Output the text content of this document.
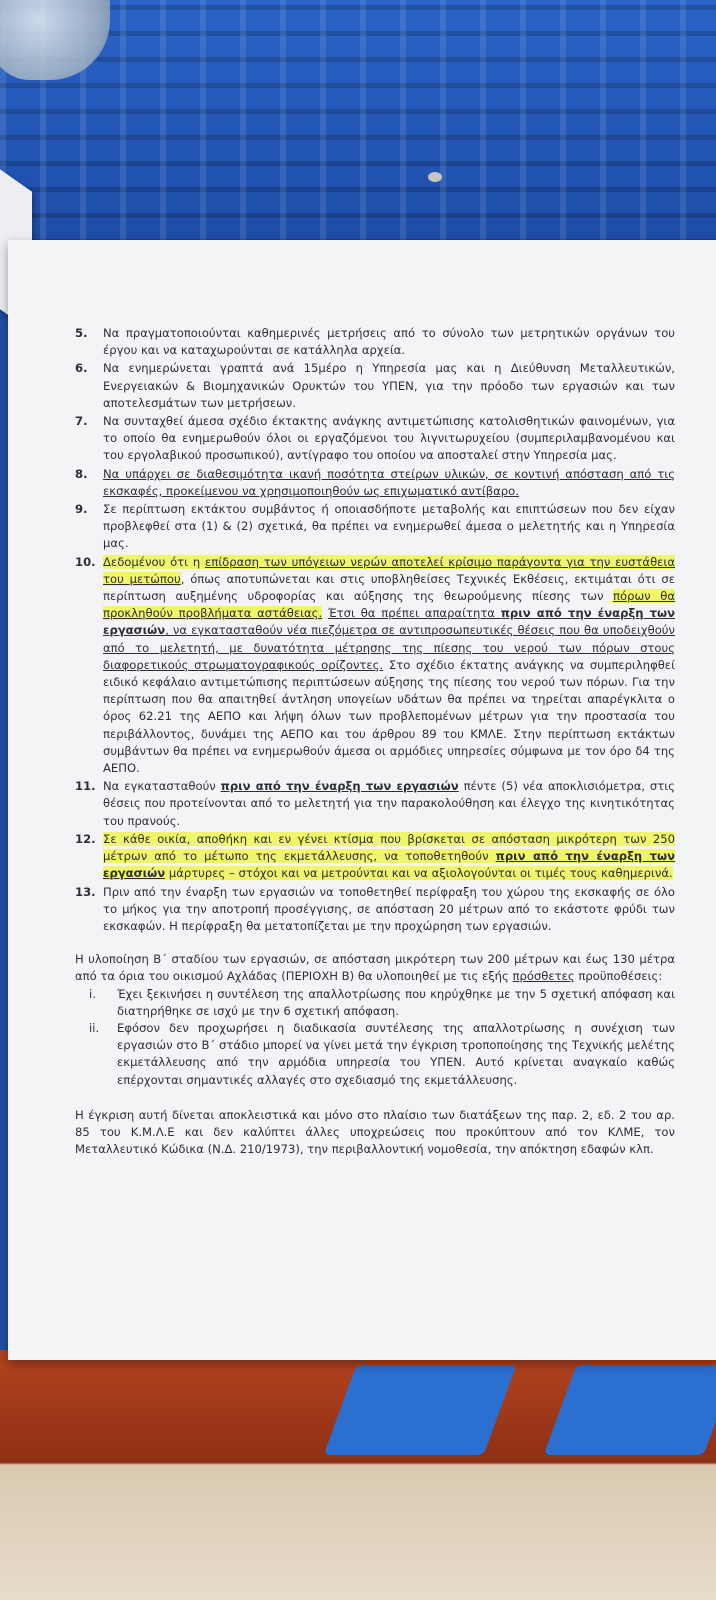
5.	Να πραγματοποιούνται καθημερινές μετρήσεις από το σύνολο των μετρητικών οργάνων του έργου και να καταχωρούνται σε κατάλληλα αρχεία.
6.	Να ενημερώνεται γραπτά ανά 15μέρο η Υπηρεσία μας και η Διεύθυνση Μεταλλευτικών, Ενεργειακών & Βιομηχανικών Ορυκτών του ΥΠΕΝ, για την πρόοδο των εργασιών και των αποτελεσμάτων των μετρήσεων.
7.	Να συνταχθεί άμεσα σχέδιο έκτακτης ανάγκης αντιμετώπισης κατολισθητικών φαινομένων, για το οποίο θα ενημερωθούν όλοι οι εργαζόμενοι του λιγνιτωρυχείου (συμπεριλαμβανομένου και του εργολαβικού προσωπικού), αντίγραφο του οποίου να αποσταλεί στην Υπηρεσία μας.
8.	Να υπάρχει σε διαθεσιμότητα ικανή ποσότητα στείρων υλικών, σε κοντινή απόσταση από τις εκσκαφές, προκείμενου να χρησιμοποιηθούν ως επιχωματικό αντίβαρο.
9.	Σε περίπτωση εκτάκτου συμβάντος ή οποιασδήποτε μεταβολής και επιπτώσεων που δεν είχαν προβλεφθεί στα (1) & (2) σχετικά, θα πρέπει να ενημερωθεί άμεσα ο μελετητής και η Υπηρεσία μας.
10. Δεδομένου ότι η επίδραση των υπόγειων νερών αποτελεί κρίσιμο παράγοντα για την ευστάθεια του μετώπου, όπως αποτυπώνεται και στις υποβληθείσες Τεχνικές Εκθέσεις, εκτιμάται ότι σε περίπτωση αυξημένης υδροφορίας και αύξησης της θεωρούμενης πίεσης των πόρων θα προκληθούν προβλήματα αστάθειας. Έτσι θα πρέπει απαραίτητα πριν από την έναρξη των εργασιών, να εγκατασταθούν νέα πιεζόμετρα σε αντιπροσωπευτικές θέσεις που θα υποδειχθούν από το μελετητή, με δυνατότητα μέτρησης της πίεσης του νερού των πόρων στους διαφορετικούς στρωματογραφικούς ορίζοντες. Στο σχέδιο έκτατης ανάγκης να συμπεριληφθεί ειδικό κεφάλαιο αντιμετώπισης περιπτώσεων αύξησης της πίεσης του νερού των πόρων. Για την περίπτωση που θα απαιτηθεί άντληση υπογείων υδάτων θα πρέπει να τηρείται απαρέγκλιτα ο όρος 62.21 της ΑΕΠΟ και λήψη όλων των προβλεπομένων μέτρων για την προστασία του περιβάλλοντος, δυνάμει της ΑΕΠΟ και του άρθρου 89 του ΚΜΛΕ. Στην περίπτωση εκτάκτων συμβάντων θα πρέπει να ενημερωθούν άμεσα οι αρμόδιες υπηρεσίες σύμφωνα με τον όρο δ4 της ΑΕΠΟ.
11. Να εγκατασταθούν πριν από την έναρξη των εργασιών πέντε (5) νέα αποκλισιόμετρα, στις θέσεις που προτείνονται από το μελετητή για την παρακολούθηση και έλεγχο της κινητικότητας του πρανούς.
12. Σε κάθε οικία, αποθήκη και εν γένει κτίσμα που βρίσκεται σε απόσταση μικρότερη των 250 μέτρων από το μέτωπο της εκμετάλλευσης, να τοποθετηθούν πριν από την έναρξη των εργασιών μάρτυρες – στόχοι και να μετρούνται και να αξιολογούνται οι τιμές τους καθημερινά.
13. Πριν από την έναρξη των εργασιών να τοποθετηθεί περίφραξη του χώρου της εκσκαφής σε όλο το μήκος για την αποτροπή προσέγγισης, σε απόσταση 20 μέτρων από το εκάστοτε φρύδι των εκσκαφών. Η περίφραξη θα μετατοπίζεται με την προχώρηση των εργασιών.
Η υλοποίηση Β΄ σταδίου των εργασιών, σε απόσταση μικρότερη των 200 μέτρων και έως 130 μέτρα από τα όρια του οικισμού Αχλάδας (ΠΕΡΙΟΧΗ Β) θα υλοποιηθεί με τις εξής πρόσθετες προϋποθέσεις:
i.	Έχει ξεκινήσει η συντέλεση της απαλλοτρίωσης που κηρύχθηκε με την 5 σχετική απόφαση και διατηρήθηκε σε ισχύ με την 6 σχετική απόφαση.
ii.	Εφόσον δεν προχωρήσει η διαδικασία συντέλεσης της απαλλοτρίωσης η συνέχιση των εργασιών στο Β΄ στάδιο μπορεί να γίνει μετά την έγκριση τροποποίησης της Τεχνικής μελέτης εκμετάλλευσης από την αρμόδια υπηρεσία του ΥΠΕΝ. Αυτό κρίνεται αναγκαίο καθώς επέρχονται σημαντικές αλλαγές στο σχεδιασμό της εκμετάλλευσης.
Η έγκριση αυτή δίνεται αποκλειστικά και μόνο στο πλαίσιο των διατάξεων της παρ. 2, εδ. 2 του αρ. 85 του Κ.Μ.Λ.Ε και δεν καλύπτει άλλες υποχρεώσεις που προκύπτουν από τον ΚΛΜΕ, τον Μεταλλευτικό Κώδικα (Ν.Δ. 210/1973), την περιβαλλοντική νομοθεσία, την απόκτηση εδαφών κλπ.
